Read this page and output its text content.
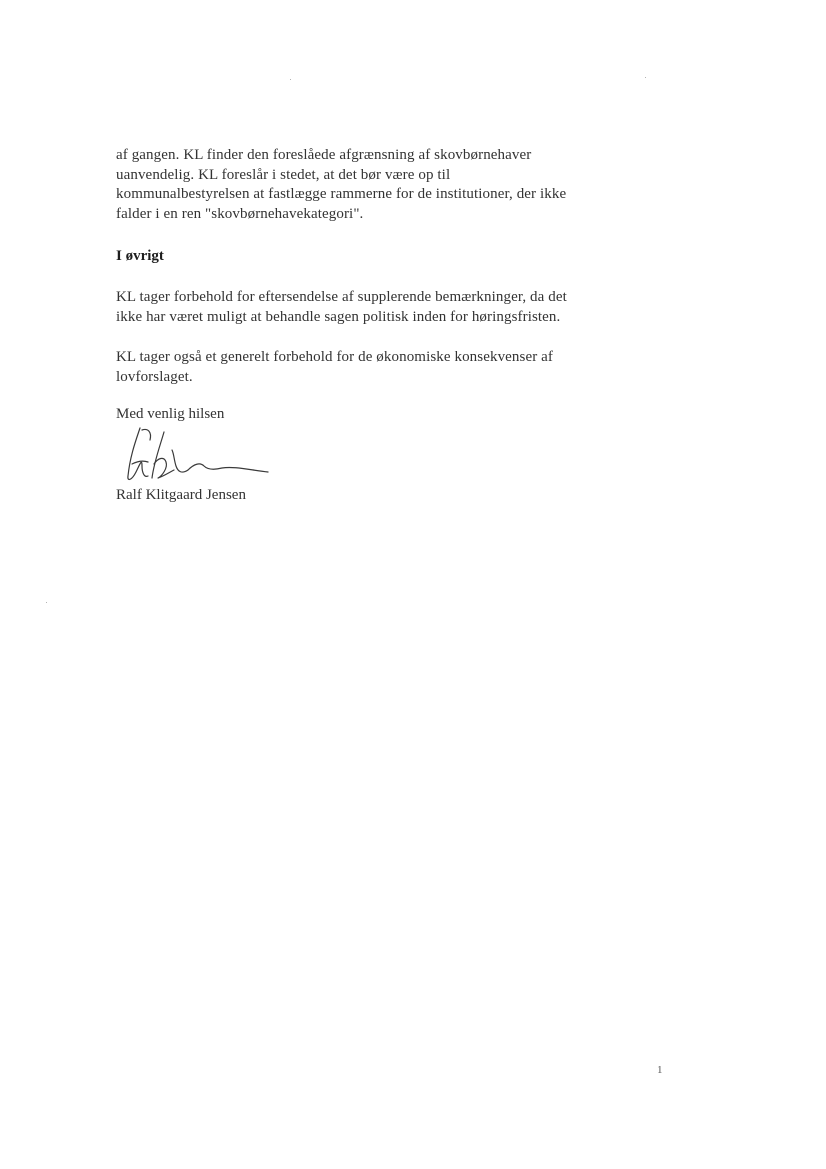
af gangen. KL finder den foreslåede afgrænsning af skovbørnehaver
uanvendelig. KL foreslår i stedet, at det bør være op til
kommunalbestyrelsen at fastlægge rammerne for de institutioner, der ikke
falder i en ren "skovbørnehavekategori".
I øvrigt
KL tager forbehold for eftersendelse af supplerende bemærkninger, da det
ikke har været muligt at behandle sagen politisk inden for høringsfristen.
KL tager også et generelt forbehold for de økonomiske konsekvenser af
lovforslaget.
Med venlig hilsen
Ralf Klitgaard Jensen
1
